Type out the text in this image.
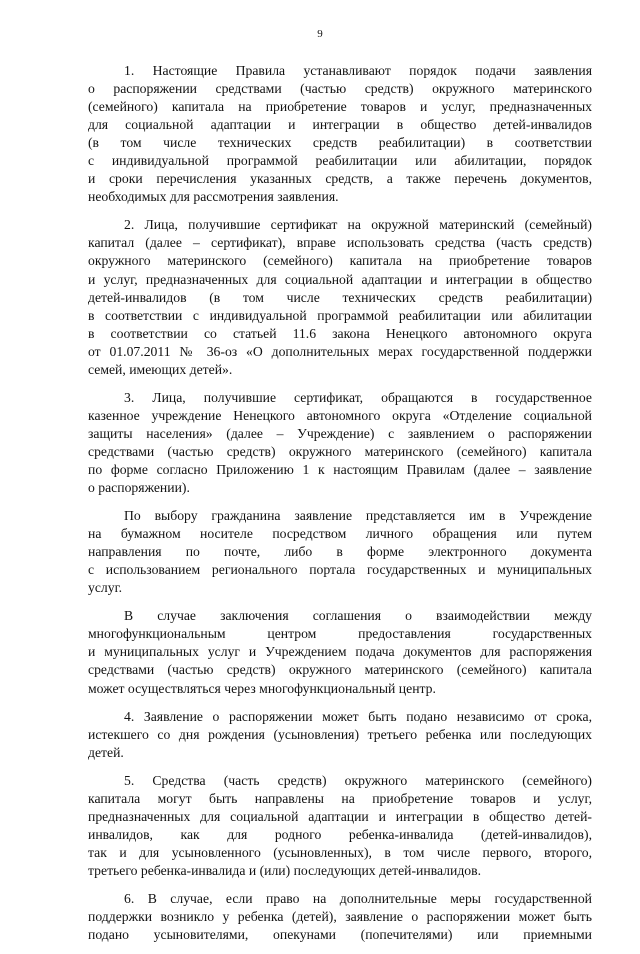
9
1. Настоящие Правила устанавливают порядок подачи заявления
о распоряжении средствами (частью средств) окружного материнского
(семейного) капитала на приобретение товаров и услуг, предназначенных
для социальной адаптации и интеграции в общество детей-инвалидов
(в том числе технических средств реабилитации) в соответствии
с индивидуальной программой реабилитации или абилитации, порядок
и сроки перечисления указанных средств, а также перечень документов,
необходимых для рассмотрения заявления.
2. Лица, получившие сертификат на окружной материнский (семейный)
капитал (далее – сертификат), вправе использовать средства (часть средств)
окружного материнского (семейного) капитала на приобретение товаров
и услуг, предназначенных для социальной адаптации и интеграции в общество
детей-инвалидов (в том числе технических средств реабилитации)
в соответствии с индивидуальной программой реабилитации или абилитации
в соответствии со статьей 11.6 закона Ненецкого автономного округа
от 01.07.2011 № 36-оз «О дополнительных мерах государственной поддержки
семей, имеющих детей».
3. Лица, получившие сертификат, обращаются в государственное
казенное учреждение Ненецкого автономного округа «Отделение социальной
защиты населения» (далее – Учреждение) с заявлением о распоряжении
средствами (частью средств) окружного материнского (семейного) капитала
по форме согласно Приложению 1 к настоящим Правилам (далее – заявление
о распоряжении).
По выбору гражданина заявление представляется им в Учреждение
на бумажном носителе посредством личного обращения или путем
направления по почте, либо в форме электронного документа
с использованием регионального портала государственных и муниципальных
услуг.
В случае заключения соглашения о взаимодействии между
многофункциональным центром предоставления государственных
и муниципальных услуг и Учреждением подача документов для распоряжения
средствами (частью средств) окружного материнского (семейного) капитала
может осуществляться через многофункциональный центр.
4. Заявление о распоряжении может быть подано независимо от срока,
истекшего со дня рождения (усыновления) третьего ребенка или последующих
детей.
5. Средства (часть средств) окружного материнского (семейного)
капитала могут быть направлены на приобретение товаров и услуг,
предназначенных для социальной адаптации и интеграции в общество детей-
инвалидов, как для родного ребенка-инвалида (детей-инвалидов),
так и для усыновленного (усыновленных), в том числе первого, второго,
третьего ребенка-инвалида и (или) последующих детей-инвалидов.
6. В случае, если право на дополнительные меры государственной
поддержки возникло у ребенка (детей), заявление о распоряжении может быть
подано усыновителями, опекунами (попечителями) или приемными
